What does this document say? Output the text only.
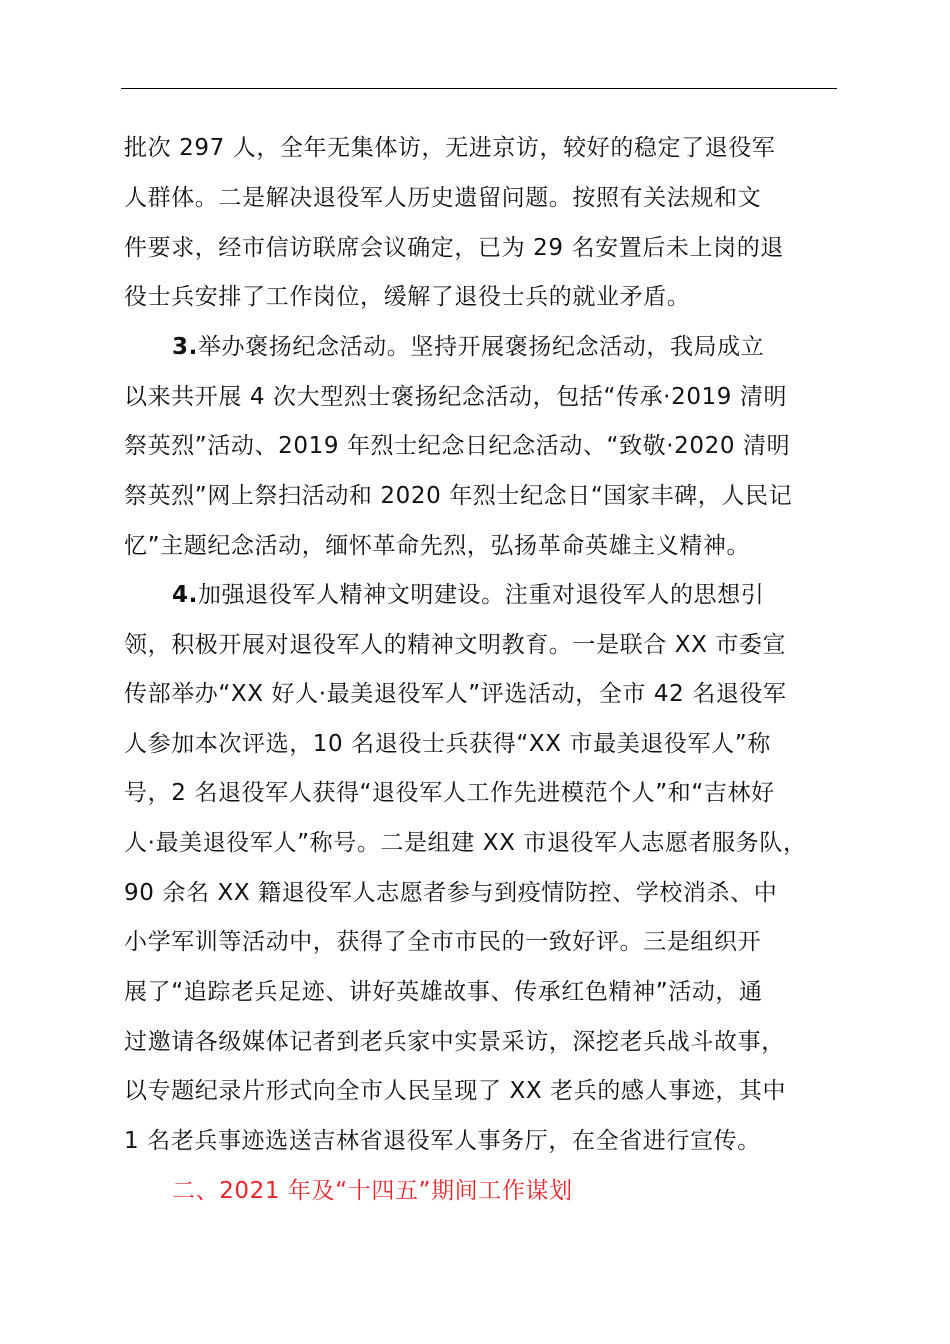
批次 297 人，全年无集体访，无进京访，较好的稳定了退役军
人群体。二是解决退役军人历史遗留问题。按照有关法规和文
件要求，经市信访联席会议确定，已为 29 名安置后未上岗的退
役士兵安排了工作岗位，缓解了退役士兵的就业矛盾。
3.举办褒扬纪念活动。坚持开展褒扬纪念活动，我局成立
以来共开展 4 次大型烈士褒扬纪念活动，包括“传承·2019 清明
祭英烈”活动、2019 年烈士纪念日纪念活动、“致敬·2020 清明
祭英烈”网上祭扫活动和 2020 年烈士纪念日“国家丰碑，人民记
忆”主题纪念活动，缅怀革命先烈，弘扬革命英雄主义精神。
4.加强退役军人精神文明建设。注重对退役军人的思想引
领，积极开展对退役军人的精神文明教育。一是联合 XX 市委宣
传部举办“XX 好人·最美退役军人”评选活动，全市 42 名退役军
人参加本次评选，10 名退役士兵获得“XX 市最美退役军人”称
号，2 名退役军人获得“退役军人工作先进模范个人”和“吉林好
人·最美退役军人”称号。二是组建 XX 市退役军人志愿者服务队，
90 余名 XX 籍退役军人志愿者参与到疫情防控、学校消杀、中
小学军训等活动中，获得了全市市民的一致好评。三是组织开
展了“追踪老兵足迹、讲好英雄故事、传承红色精神”活动，通
过邀请各级媒体记者到老兵家中实景采访，深挖老兵战斗故事，
以专题纪录片形式向全市人民呈现了 XX 老兵的感人事迹，其中
1 名老兵事迹选送吉林省退役军人事务厅，在全省进行宣传。
二、2021 年及“十四五”期间工作谋划
